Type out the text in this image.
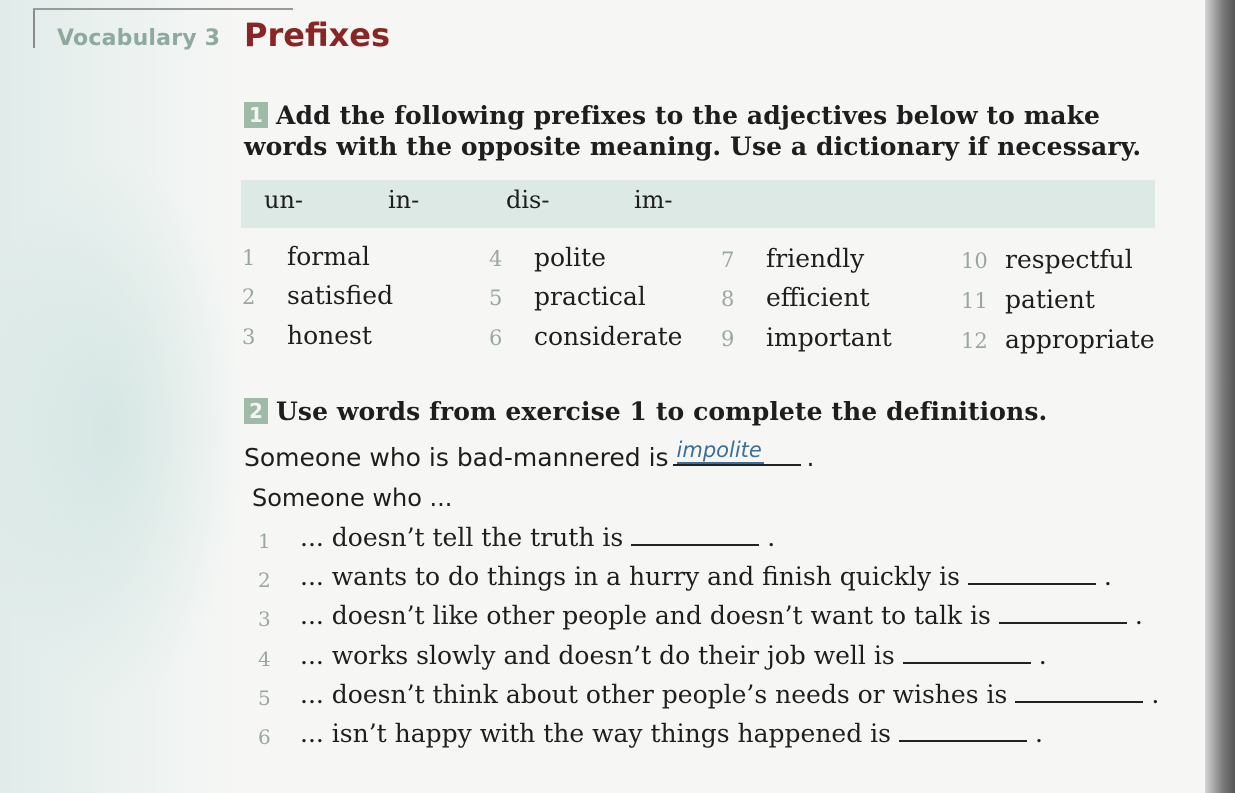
Vocabulary 3 Prefixes
1 Add the following prefixes to the adjectives below to make words with the opposite meaning. Use a dictionary if necessary.
un-	in-	dis-	im-
1 formal
2 satisfied
3 honest
4 polite
5 practical
6 considerate
7 friendly
8 efficient
9 important
10 respectful
11 patient
12 appropriate
2 Use words from exercise 1 to complete the definitions.
Someone who is bad-mannered is impolite .
Someone who ...
1 ... doesn’t tell the truth is	.
2 ... wants to do things in a hurry and finish quickly is	.
3 ... doesn’t like other people and doesn’t want to talk is	.
4 ... works slowly and doesn’t do their job well is	.
5 ... doesn’t think about other people’s needs or wishes is	.
6 ... isn’t happy with the way things happened is	.
